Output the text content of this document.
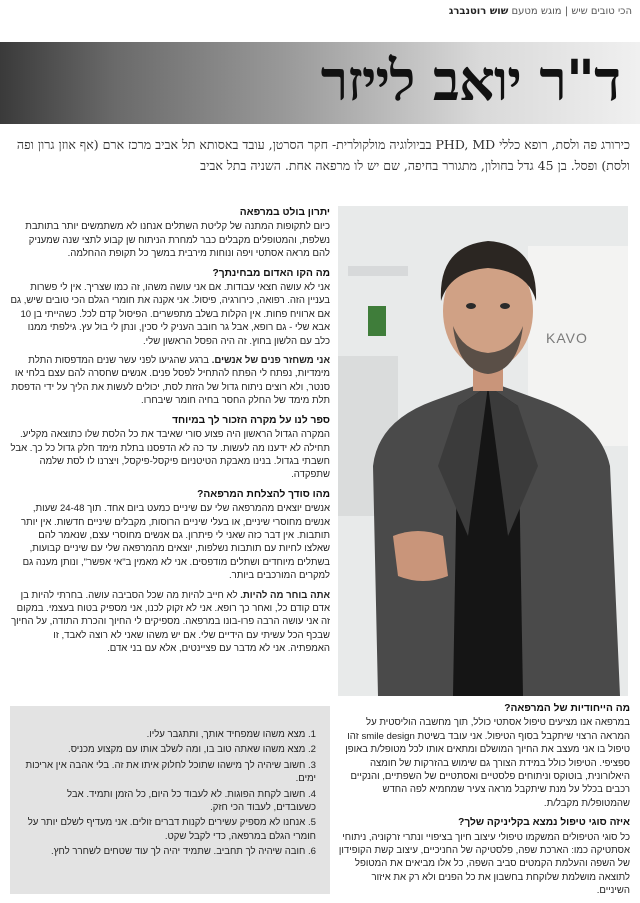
הכי טובים שיש | מוגש מטעם שוש רוטנברג
ד"ר יואב לייזר

כירורג פה ולסת, רופא כללי PHD, MD בביולוגיה מולקולרית- חקר הסרטן, עובד באסותא תל אביב מרכז ארם (אף אוזן גרון ופה ולסת) ופסל. בן 45 גדל בחולון, מתגורר בחיפה, שם יש לו מרפאה אחת. השניה בתל אביב

KAVO
יתרון בולט במרפאה

כיום לתקופות המתנה של קליטת השתלים אנחנו לא משתמשים יותר בתותבת נשלפת, והמטופלים מקבלים כבר למחרת הניתוח שן קבוע לתצי שנה שמעניק להם מראה אסתטי ויפה ונוחות מירבית במשך כל תקופת ההחלמה.

מה הקו האדום מבחינתך?

אני לא עושה חצאי עבודות. אם אני עושה משהו, זה כמו שצריך. אין לי פשרות בעניין הזה. רפואה, כירורגיה, פיסול. אני אקנה את חומרי הגלם הכי טובים שיש, גם אם ארוויח פחות. אין הקלות בשלב מתפשרים. הפיסול קדם לכל. כשהייתי בן 10 אבא שלי - גם רופא, אבל גר חובב העניק לי סכין, ונתן לי בול עץ. גילפתי ממנו כלב עם הלשון בחוץ. זה היה הפסל הראשון שלי.

אני משחזר פנים של אנשים. ברגע שהגיעו לפני עשר שנים המדפסות התלת מימדיות, נפתח לי הפתח להתחיל לפסל פנים. אנשים שחסרה להם עצם בלחי או סנטר, ולא רוצים ניתוח גדול של הזזת לסת, יכולים לעשות את הליך על ידי הדפסת תלת מימד של החלק החסר בחיה חומר שיבחרו.

ספר לנו על מקרה הזכור לך במיוחד

המקרה הגדול הראשון היה פצוע סורי שאיבד את כל הלסת שלו כתוצאה מקליע. תחילה לא ידענו מה לעשות. עד כה לא הדפסנו בתלת מימד חלק גדול כל כך. אבל חשבתי בגדול. בנינו מאבקת הטיטניום פיקסל-פיקסל, ויצרנו לו לסת שלמה שתפקדה.

מהו סודך להצלחת המרפאה?

אנשים יוצאים מהמרפאה שלי עם שיניים כמעט ביום אחד. תוך 24-48 שעות, אנשים מחוסרי שיניים, או בעלי שיניים הרוסות, מקבלים שיניים חדשות. אין יותר תותבות. אין דבר כזה שאני לי פיתרון. גם אנשים מחוסרי עצם, שנאמר להם שאלצו לחיות עם תותבות נשלפות, יוצאים מהמרפאה שלי עם שיניים קבועות, בשתלים מיוחדים ושתלים מודפסים. אני לא מאמין ב"אי אפשר", ונותן מענה גם למקרים המורכבים ביותר.

אתה בוחר מה להיות. לא חייב להיות מה שכל הסביבה עושה. בחרתי להיות בן אדם קודם כל, ואחר כך רופא. אני לא זקוק לכנו, אני מספיק בטוח בעצמי. במקום זה אני עושה הרבה פרו-בונו במרפאה. מספיקים לי החיוך והכרת התודה, על החיוך שבכף הכל עשיתי עם הידיים שלי. אם יש משהו שאני לא רוצה לאבד, זו האמפתיה. אני לא מדבר עם פציינטים, אלא עם בני אדם.

1. מצא משהו שמפחיד אותך, ותתגבר עליו.
2. מצא משהו שאתה טוב בו, ומה לשלב אותו עם מקצוע מכניס.
3. חשוב שיהיה לך מישהו שתוכל לחלוק איתו את זה. בלי אהבה אין אריכות ימים.
4. חשוב לקחת הפוגות. לא לעבוד כל היום, כל הזמן ותמיד. אבל כשעובדים, לעבוד הכי חזק.
5. אנחנו לא מספיק עשירים לקנות דברים זולים. אני מעדיף לשלם יותר על חומרי הגלם במרפאה, כדי לקבל שקט.
6. חובה שיהיה לך תחביב. שתמיד יהיה לך עוד שטחים לשחרר לחץ.
מה הייחודיות של המרפאה?

במרפאה אנו מציעים טיפול אסתטי כולל, תוך מחשבה הוליסטית על המראה הרצוי שיתקבל בסוף הטיפול. אני עובד בשיטת smile design זהו טיפול בו אני מעצב את החיוך המושלם ומתאים אותו לכל מטופל/ת באופן ספציפי. הטיפול כולל במידת הצורך גם שימוש בהזרקות של חומצה היאלורונית, בוטוקס וניתוחים פלסטיים ואסתטיים של השפתיים, והנקיים רכבים בכלל על מנת שיתקבל מראה צעיר שמחמיא לפה החדש שהמטופל/ת מקבל/ת.

איזה סוגי טיפול נמצא בקליניקה שלך?

כל סוגי הטיפולים המשקמו טיפולי עיצוב חיוך בציפויי ונתרי זרקוניה, ניתוחי אסתטיקה כמו: הארכת שפה, פלסטיקה של החניכיים, עיצוב קשת הקופידון של השפה והעלמת הקמטים סביב השפה, כל אלו מביאים את המטופל לתוצאה מושלמת שלוקחת בחשבון את כל הפנים ולא רק את איזור השיניים.
